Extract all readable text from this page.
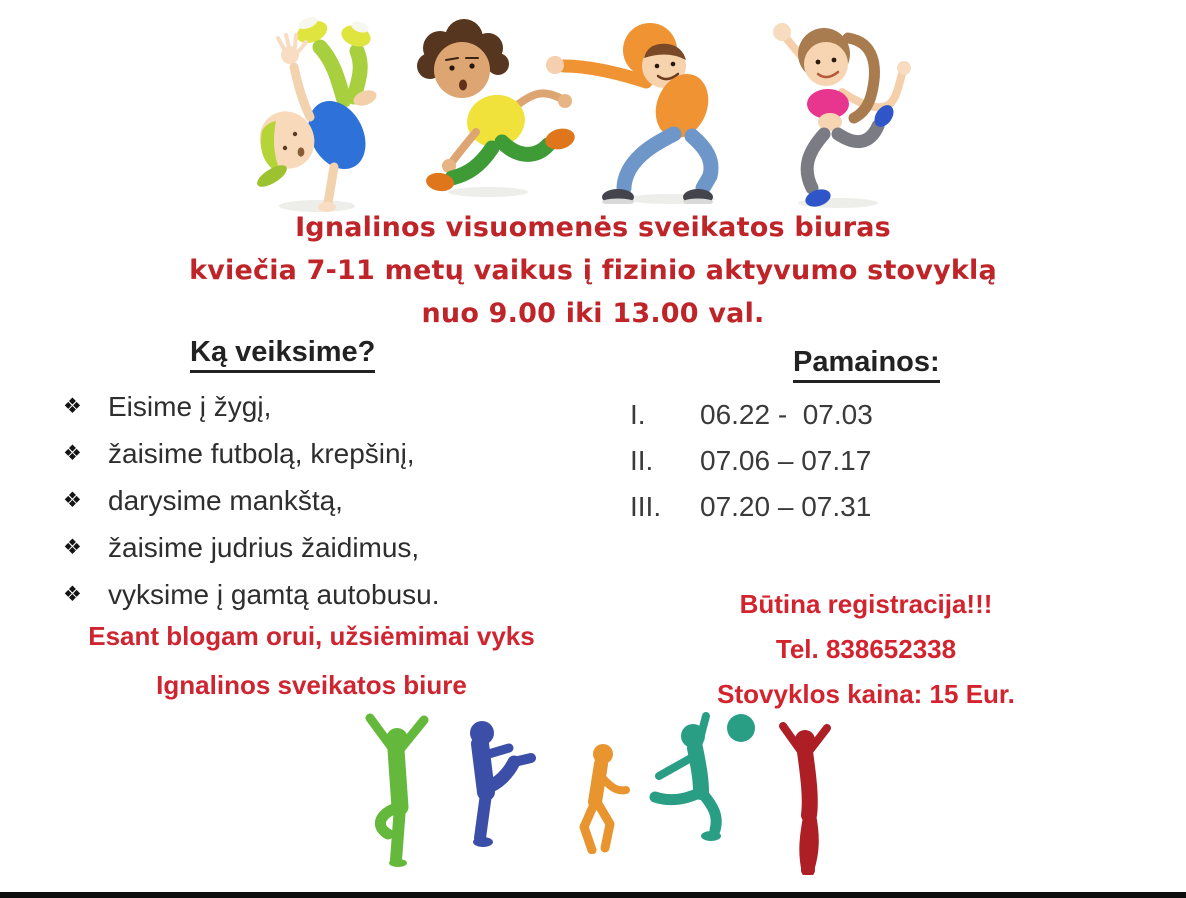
Ignalinos visuomenės sveikatos biuras
kviečia 7-11 metų vaikus į fizinio aktyvumo stovyklą
nuo 9.00 iki 13.00 val.
Ką veiksime?
❖ Eisime į žygį,
❖ žaisime futbolą, krepšinį,
❖ darysime mankštą,
❖ žaisime judrius žaidimus,
❖ vyksime į gamtą autobusu.
Esant blogam orui, užsiėmimai vyks
Ignalinos sveikatos biure
Pamainos:
I.	06.22 -  07.03
II.	07.06 – 07.17
III.	07.20 – 07.31
Būtina registracija!!!
Tel. 838652338
Stovyklos kaina: 15 Eur.
